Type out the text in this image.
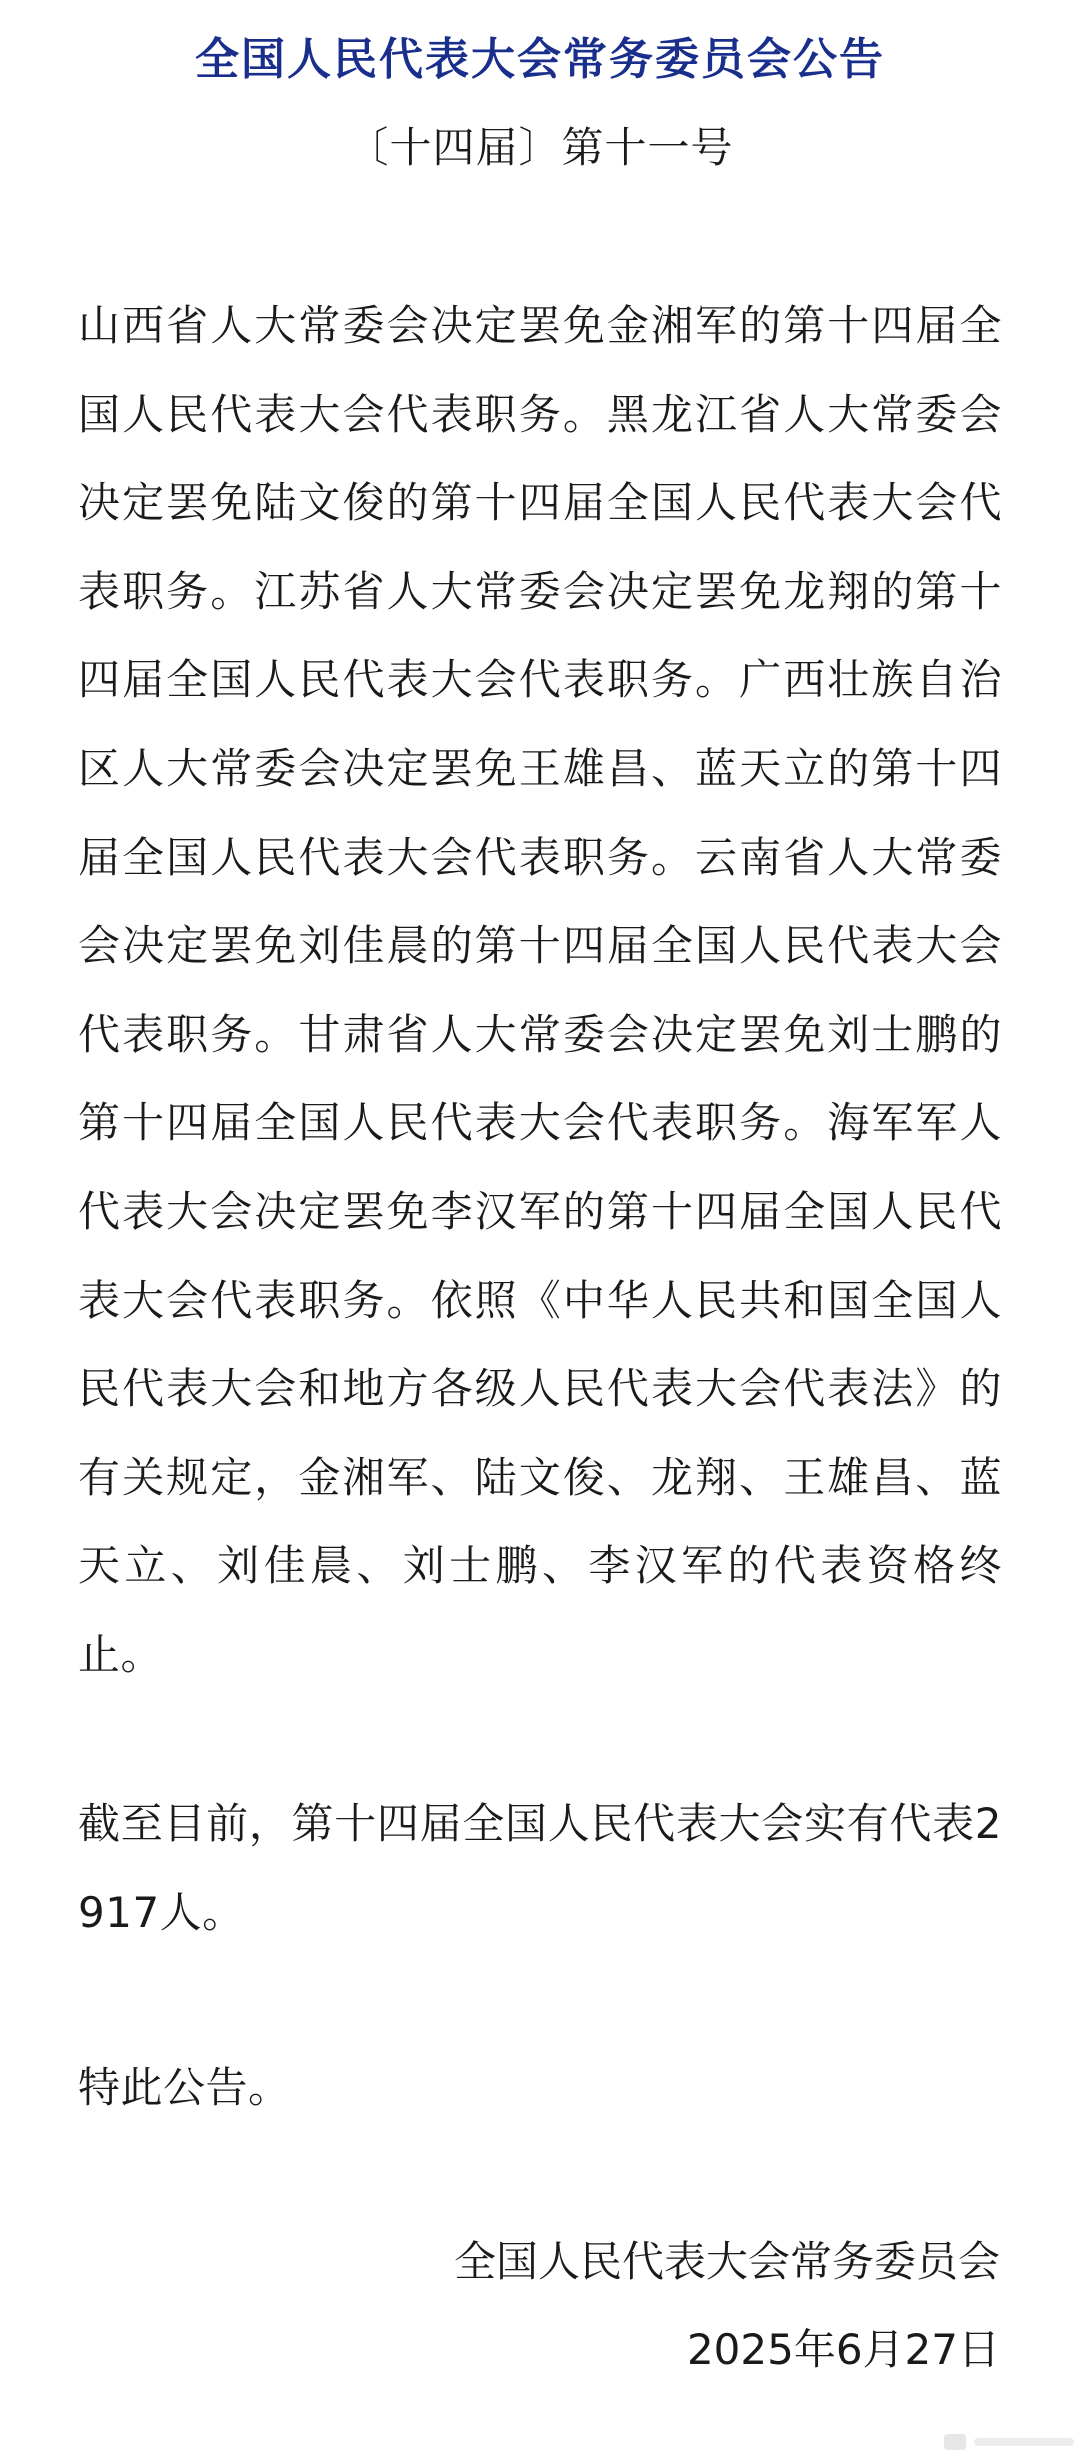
全国人民代表大会常务委员会公告
〔十四届〕第十一号

山西省人大常委会决定罢免金湘军的第十四届全国人民代表大会代表职务。黑龙江省人大常委会决定罢免陆文俊的第十四届全国人民代表大会代表职务。江苏省人大常委会决定罢免龙翔的第十四届全国人民代表大会代表职务。广西壮族自治区人大常委会决定罢免王雄昌、蓝天立的第十四届全国人民代表大会代表职务。云南省人大常委会决定罢免刘佳晨的第十四届全国人民代表大会代表职务。甘肃省人大常委会决定罢免刘士鹏的第十四届全国人民代表大会代表职务。海军军人代表大会决定罢免李汉军的第十四届全国人民代表大会代表职务。依照《中华人民共和国全国人民代表大会和地方各级人民代表大会代表法》的有关规定，金湘军、陆文俊、龙翔、王雄昌、蓝天立、刘佳晨、刘士鹏、李汉军的代表资格终止。

截至目前，第十四届全国人民代表大会实有代表2917人。

特此公告。

全国人民代表大会常务委员会
2025年6月27日
